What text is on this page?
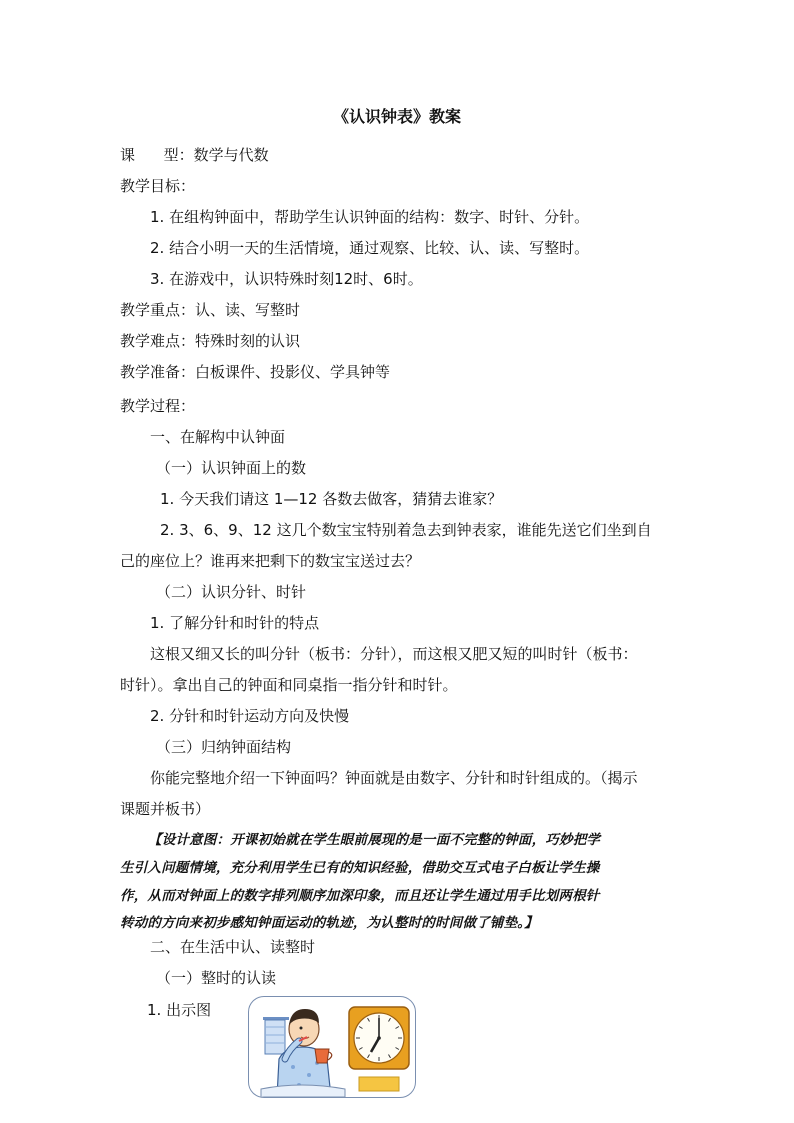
《认识钟表》教案
课      型：数学与代数
教学目标：
1. 在组构钟面中，帮助学生认识钟面的结构：数字、时针、分针。
2. 结合小明一天的生活情境，通过观察、比较、认、读、写整时。
3. 在游戏中，认识特殊时刻12时、6时。
教学重点：认、读、写整时
教学难点：特殊时刻的认识
教学准备：白板课件、投影仪、学具钟等
教学过程：
一、在解构中认钟面
（一）认识钟面上的数
1. 今天我们请这 1—12 各数去做客，猜猜去谁家？
2. 3、6、9、12 这几个数宝宝特别着急去到钟表家，谁能先送它们坐到自
己的座位上？谁再来把剩下的数宝宝送过去？
（二）认识分针、时针
1. 了解分针和时针的特点
这根又细又长的叫分针（板书：分针），而这根又肥又短的叫时针（板书：
时针）。拿出自己的钟面和同桌指一指分针和时针。
2. 分针和时针运动方向及快慢
（三）归纳钟面结构
你能完整地介绍一下钟面吗？钟面就是由数字、分针和时针组成的。（揭示
课题并板书）
【设计意图：开课初始就在学生眼前展现的是一面不完整的钟面，巧妙把学
生引入问题情境，充分利用学生已有的知识经验，借助交互式电子白板让学生操
作，从而对钟面上的数字排列顺序加深印象，而且还让学生通过用手比划两根针
转动的方向来初步感知钟面运动的轨迹，为认整时的时间做了铺垫。】
二、在生活中认、读整时
（一）整时的认读
1. 出示图
